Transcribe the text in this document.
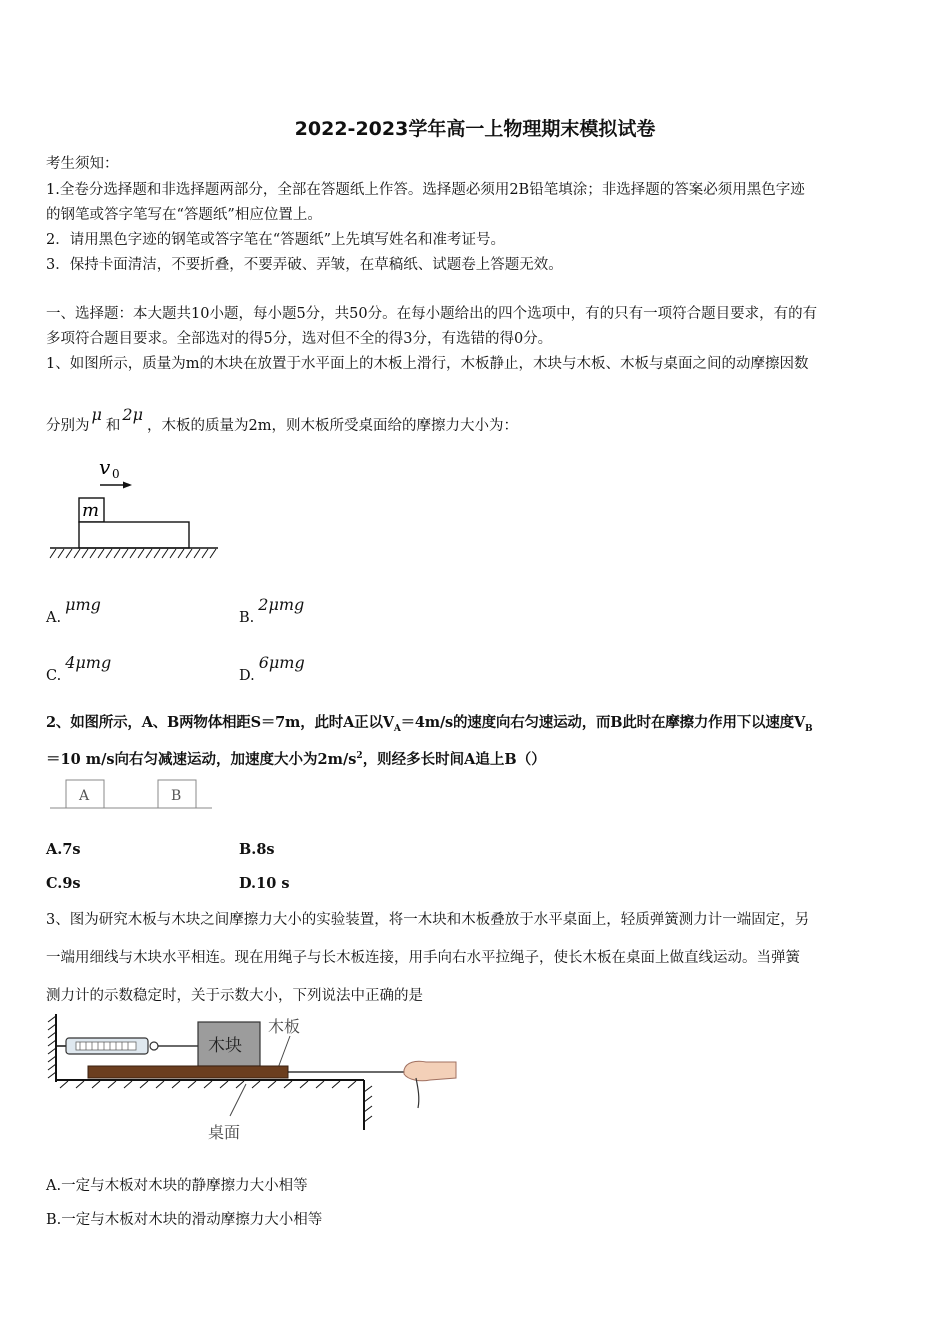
2022-2023学年高一上物理期末模拟试卷
考生须知：
1.全卷分选择题和非选择题两部分，全部在答题纸上作答。选择题必须用2B铅笔填涂；非选择题的答案必须用黑色字迹
的钢笔或答字笔写在“答题纸”相应位置上。
2．请用黑色字迹的钢笔或答字笔在“答题纸”上先填写姓名和准考证号。
3．保持卡面清洁，不要折叠，不要弄破、弄皱，在草稿纸、试题卷上答题无效。
一、选择题：本大题共10小题，每小题5分，共50分。在每小题给出的四个选项中，有的只有一项符合题目要求，有的有
多项符合题目要求。全部选对的得5分，选对但不全的得3分，有选错的得0分。
1、如图所示，质量为m的木块在放置于水平面上的木板上滑行，木板静止，木块与木板、木板与桌面之间的动摩擦因数
分别为μ和2μ，木板的质量为2m，则木板所受桌面给的摩擦力大小为：
v 0
m
A.μmg
B.2μmg
C.4μmg
D.6μmg
2、如图所示，A、B两物体相距S＝7m，此时A正以$V_A=4m/s$的速度向右匀速运动，而B此时在摩擦力作用下以速度$V_B$
＝10 m/s向右匀减速运动，加速度大小为$2m/s^2$，则经多长时间A追上B（）
A	B
A.7s	B.8s
C.9s	D.10 s
3、图为研究木板与木块之间摩擦力大小的实验装置，将一木块和木板叠放于水平桌面上，轻质弹簧测力计一端固定，另
一端用细线与木块水平相连。现在用绳子与长木板连接，用手向右水平拉绳子，使长木板在桌面上做直线运动。当弹簧
测力计的示数稳定时，关于示数大小，下列说法中正确的是
木块
木板
桌面
A.一定与木板对木块的静摩擦力大小相等
B.一定与木板对木块的滑动摩擦力大小相等
